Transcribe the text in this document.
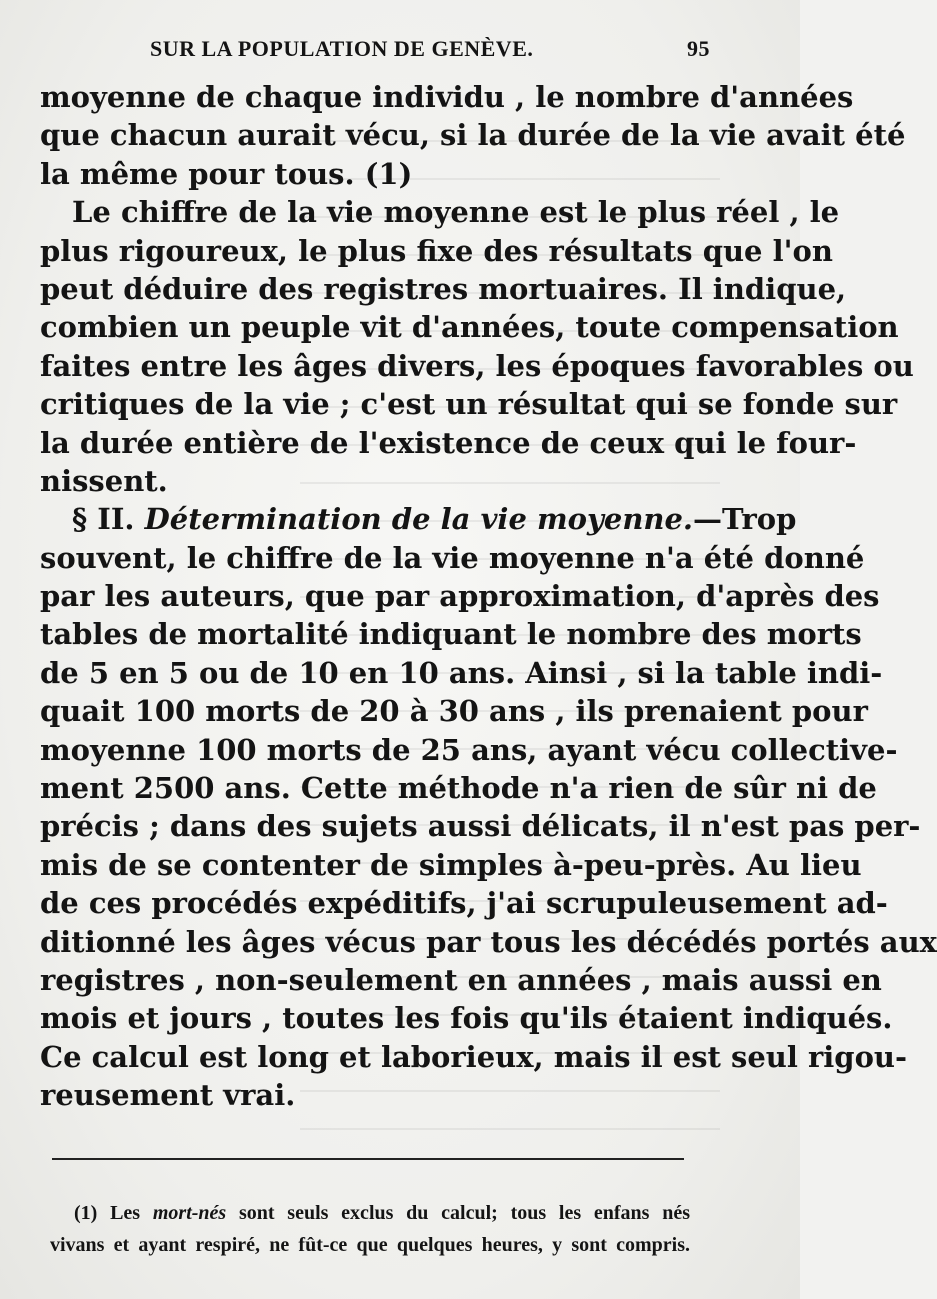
SUR LA POPULATION DE GENÈVE.	95
moyenne de chaque individu , le nombre d'années
que chacun aurait vécu, si la durée de la vie avait été
la même pour tous. (1)
Le chiffre de la vie moyenne est le plus réel , le
plus rigoureux, le plus fixe des résultats que l'on
peut déduire des registres mortuaires. Il indique,
combien un peuple vit d'années, toute compensation
faites entre les âges divers, les époques favorables ou
critiques de la vie ; c'est un résultat qui se fonde sur
la durée entière de l'existence de ceux qui le four-
nissent.
§ II. Détermination de la vie moyenne.—Trop
souvent, le chiffre de la vie moyenne n'a été donné
par les auteurs, que par approximation, d'après des
tables de mortalité indiquant le nombre des morts
de 5 en 5 ou de 10 en 10 ans. Ainsi , si la table indi-
quait 100 morts de 20 à 30 ans , ils prenaient pour
moyenne 100 morts de 25 ans, ayant vécu collective-
ment 2500 ans. Cette méthode n'a rien de sûr ni de
précis ; dans des sujets aussi délicats, il n'est pas per-
mis de se contenter de simples à-peu-près. Au lieu
de ces procédés expéditifs, j'ai scrupuleusement ad-
ditionné les âges vécus par tous les décédés portés aux
registres , non-seulement en années , mais aussi en
mois et jours , toutes les fois qu'ils étaient indiqués.
Ce calcul est long et laborieux, mais il est seul rigou-
reusement vrai.
(1) Les mort-nés sont seuls exclus du calcul; tous les enfans nés
vivans et ayant respiré, ne fût-ce que quelques heures, y sont compris.
